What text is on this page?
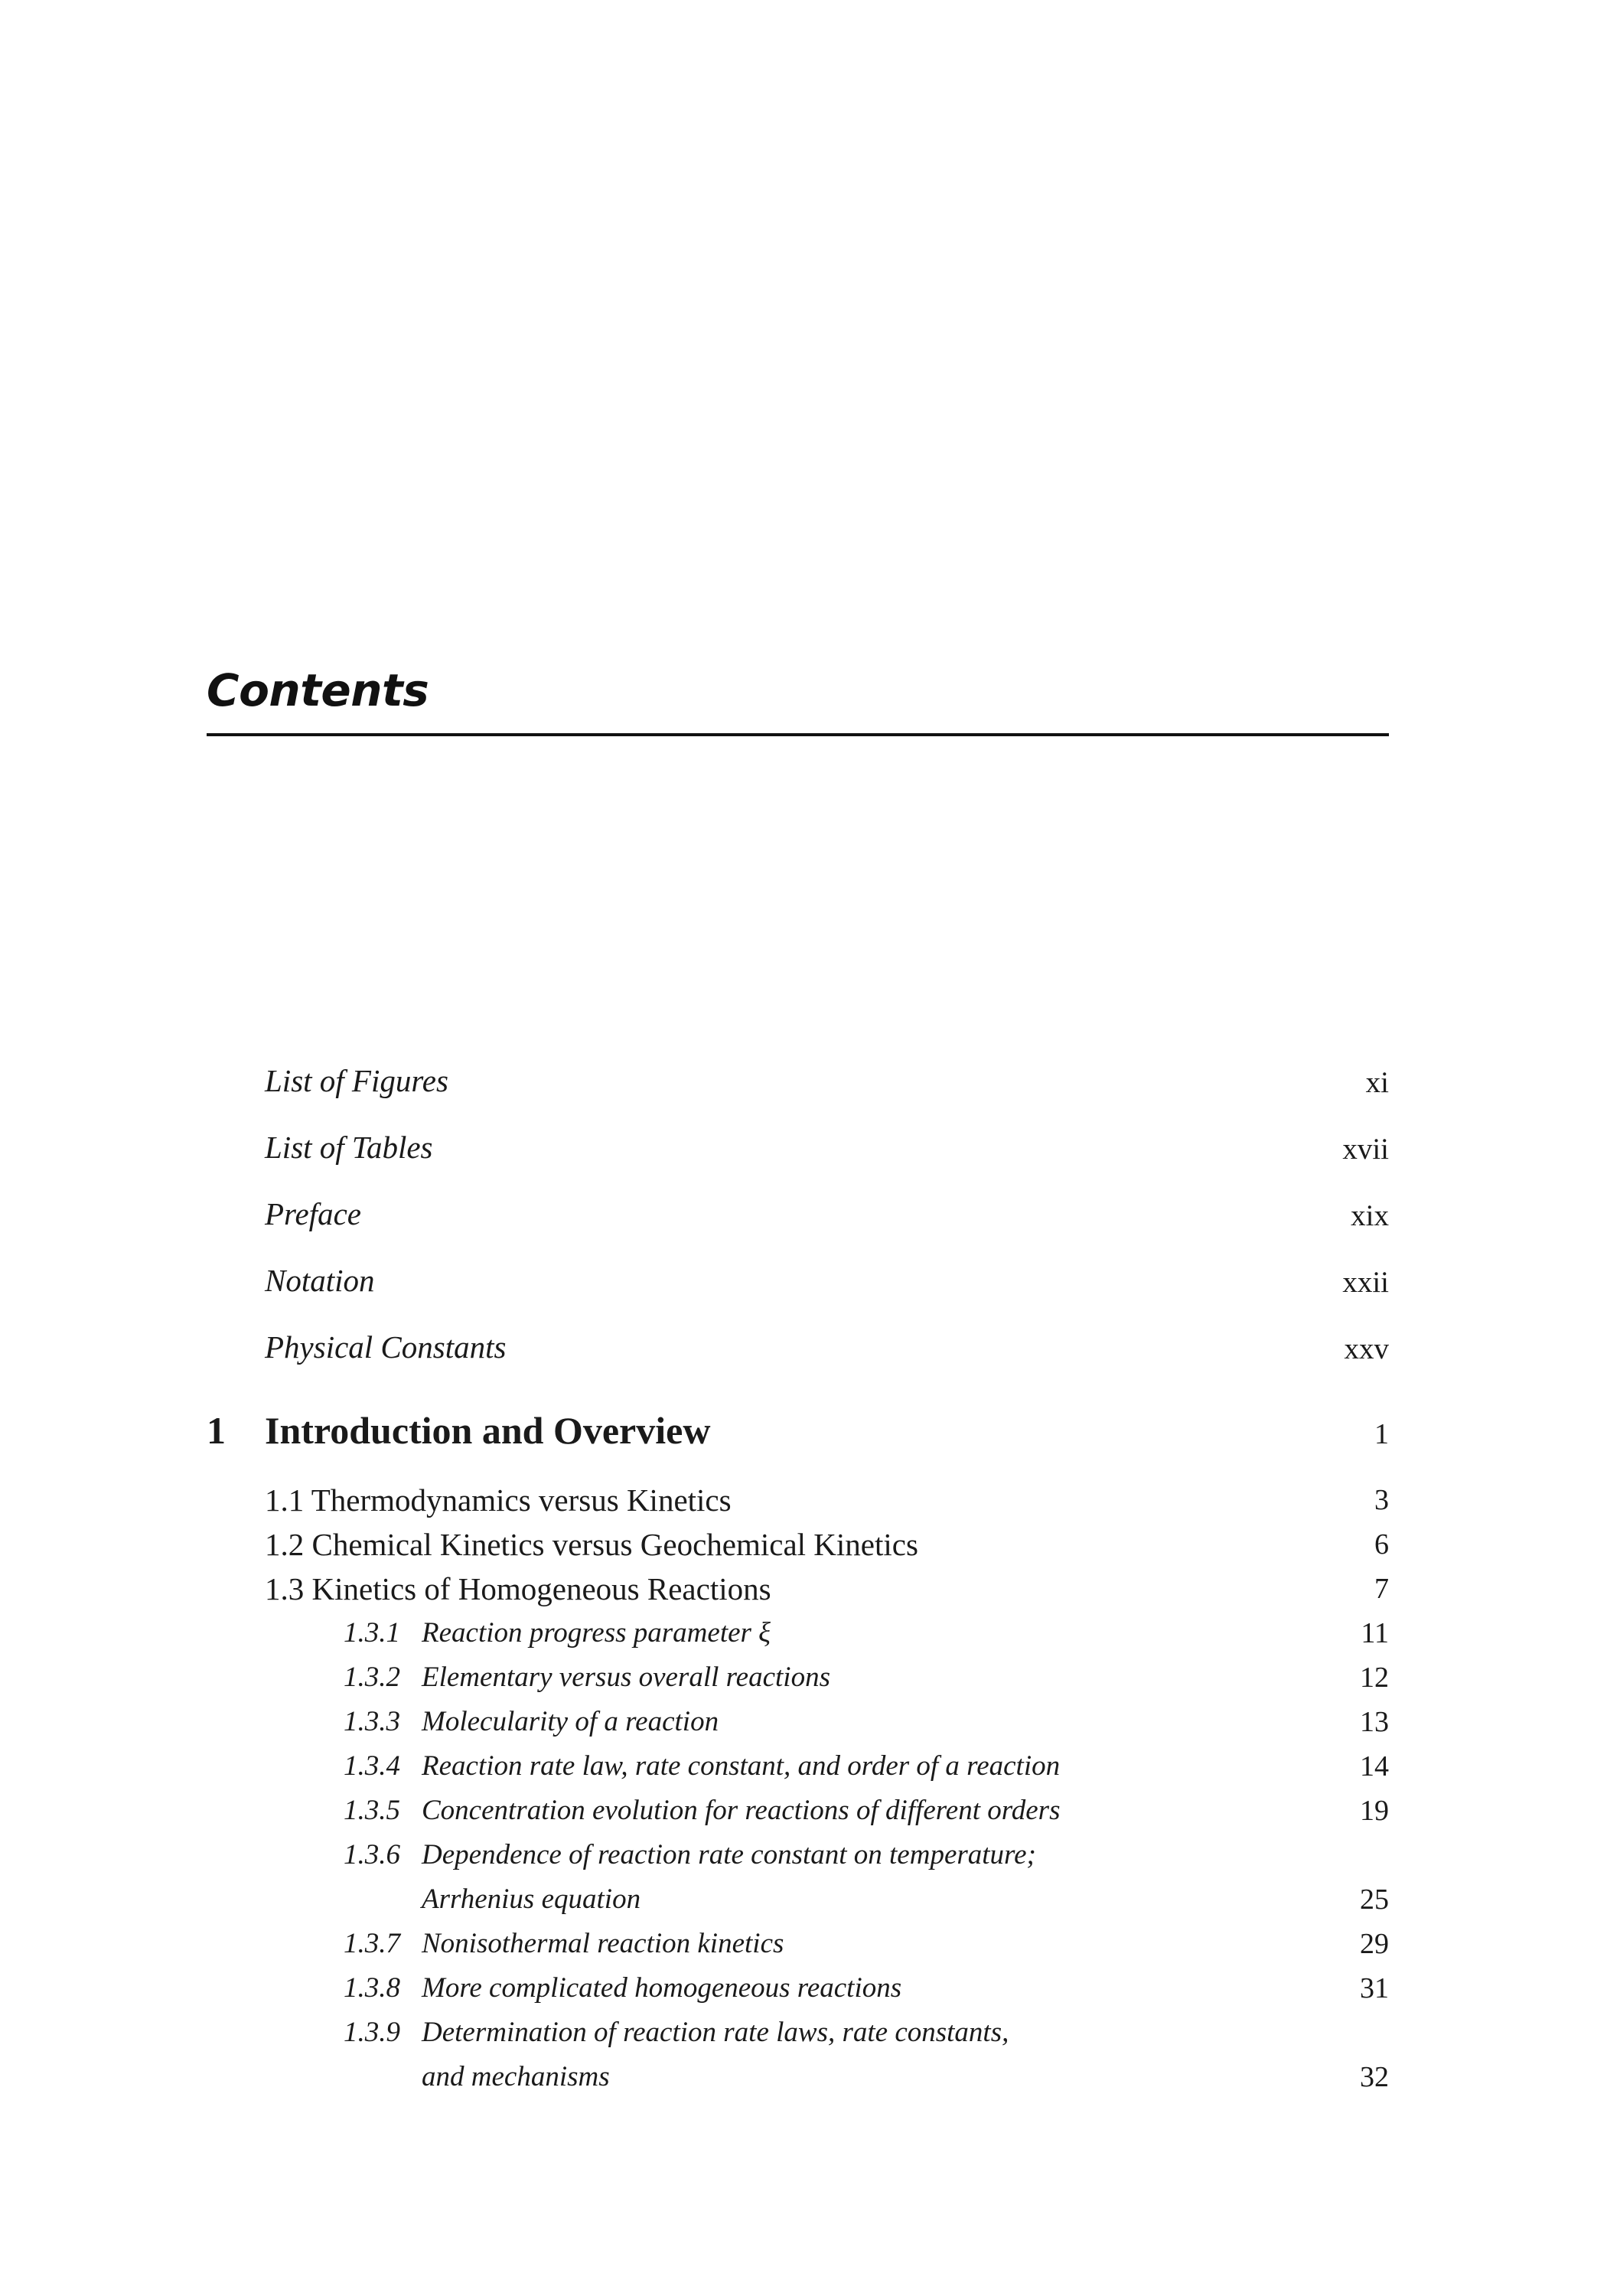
Contents
List of Figures	xi
List of Tables	xvii
Preface	xix
Notation	xxii
Physical Constants	xxv
1 Introduction and Overview	1
1.1 Thermodynamics versus Kinetics	3
1.2 Chemical Kinetics versus Geochemical Kinetics	6
1.3 Kinetics of Homogeneous Reactions	7
1.3.1 Reaction progress parameter ξ	11
1.3.2 Elementary versus overall reactions	12
1.3.3 Molecularity of a reaction	13
1.3.4 Reaction rate law, rate constant, and order of a reaction	14
1.3.5 Concentration evolution for reactions of different orders	19
1.3.6 Dependence of reaction rate constant on temperature;
Arrhenius equation	25
1.3.7 Nonisothermal reaction kinetics	29
1.3.8 More complicated homogeneous reactions	31
1.3.9 Determination of reaction rate laws, rate constants,
and mechanisms	32
